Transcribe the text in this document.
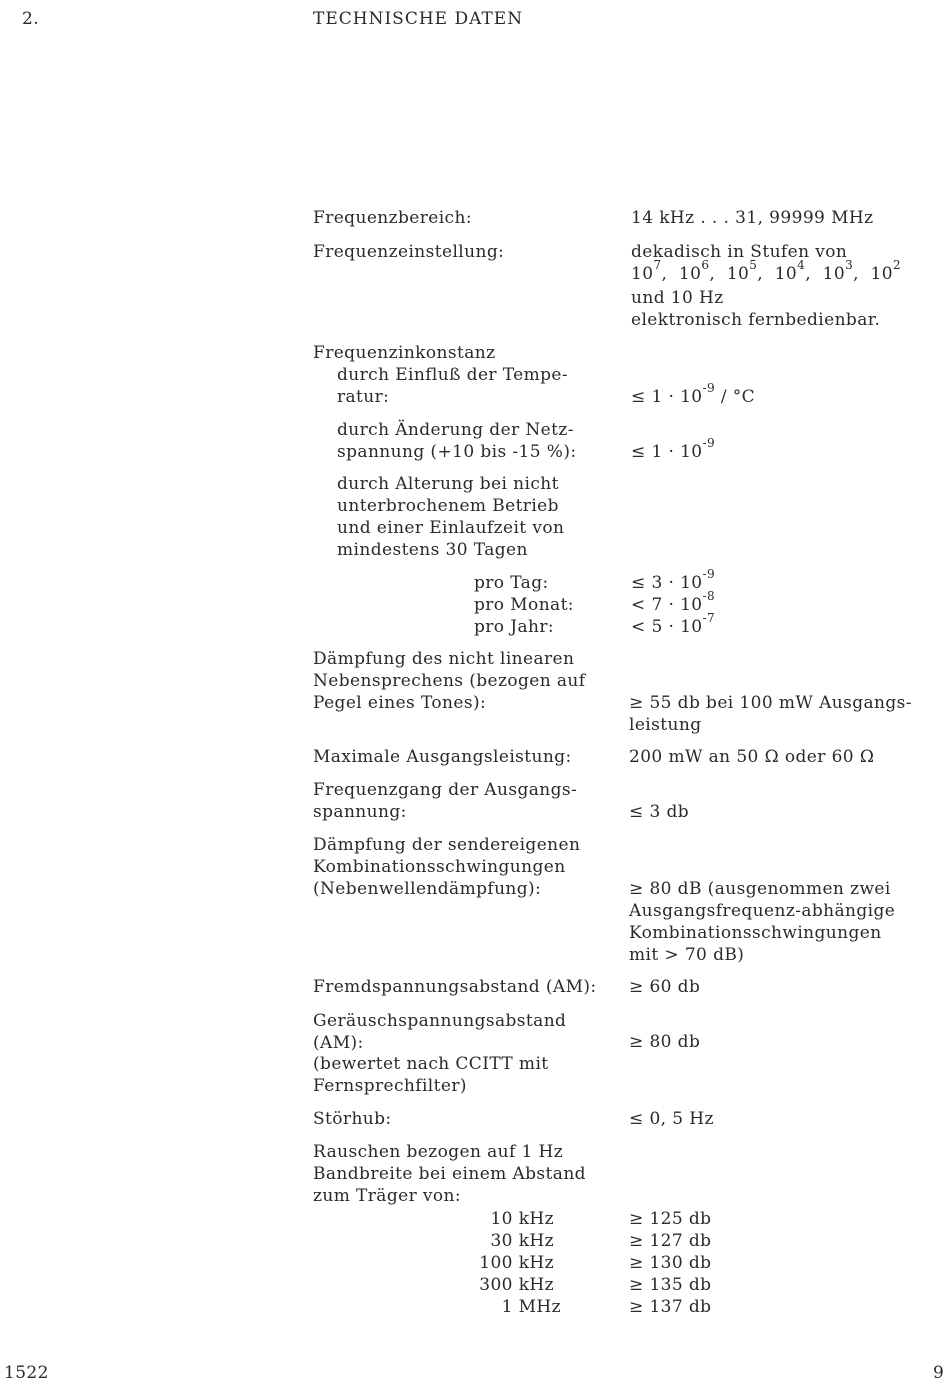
2.	TECHNISCHE DATEN
Frequenzbereich:	14 kHz . . . 31, 99999 MHz
Frequenzeinstellung:	dekadisch in Stufen von
$10^7$,  $10^6$,  $10^5$,  $10^4$,  $10^3$,  $10^2$
und 10 Hz
elektronisch fernbedienbar.
Frequenzinkonstanz
durch Einfluß der Tempe-
ratur:	≤ $1 \cdot 10^{-9} / ^\circ C$
durch Änderung der Netz-
spannung (+10 bis -15 %):	≤ $1 \cdot 10^{-9}$
durch Alterung bei nicht
unterbrochenem Betrieb
und einer Einlaufzeit von
mindestens 30 Tagen
pro Tag:	≤ $3 \cdot 10^{-9}$
pro Monat:	< $7 \cdot 10^{-8}$
pro Jahr:	< $5 \cdot 10^{-7}$
Dämpfung des nicht linearen
Nebensprechens (bezogen auf
Pegel eines Tones):	≥ 55 db bei 100 mW Ausgangs-
leistung
Maximale Ausgangsleistung:	200 mW an 50 Ω oder 60 Ω
Frequenzgang der Ausgangs-
spannung:	≤ 3 db
Dämpfung der sendereigenen
Kombinationsschwingungen
(Nebenwellendämpfung):	≥ 80 dB (ausgenommen zwei
Ausgangsfrequenz-abhängige
Kombinationsschwingungen
mit > 70 dB)
Fremdspannungsabstand (AM): ≥ 60 db
Geräuschspannungsabstand
(AM):	≥ 80 db
(bewertet nach CCITT mit
Fernsprechfilter)
Störhub:	≤ 0, 5 Hz
Rauschen bezogen auf 1 Hz
Bandbreite bei einem Abstand
zum Träger von:
10 kHz	≥ 125 db
30 kHz	≥ 127 db
100 kHz	≥ 130 db
300 kHz	≥ 135 db
1 MHz	≥ 137 db
1522	9
